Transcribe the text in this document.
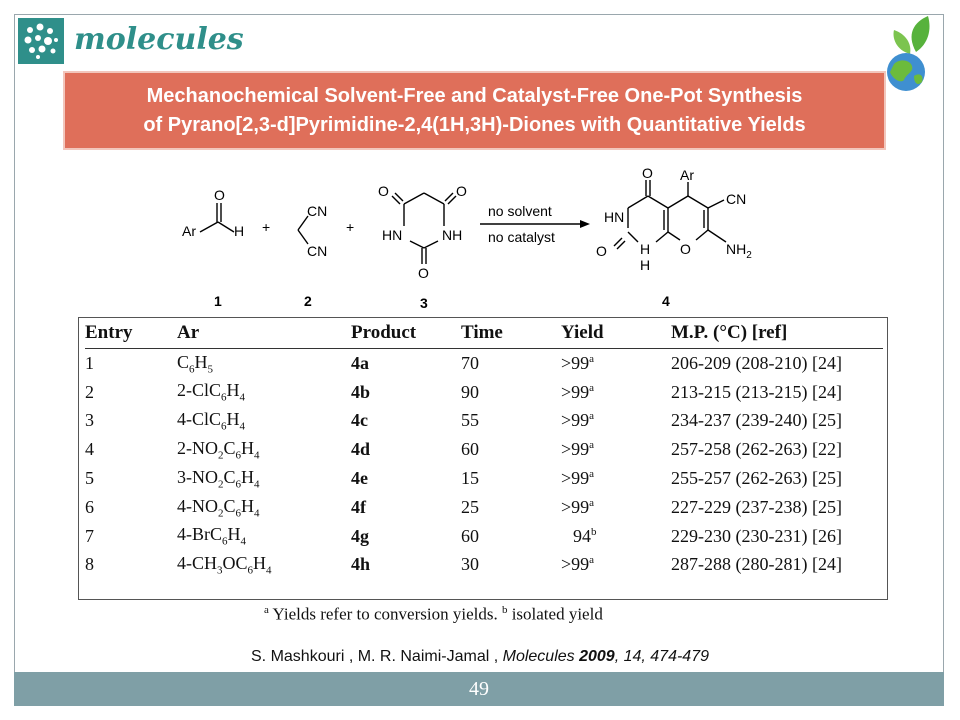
molecules
Mechanochemical Solvent-Free and Catalyst-Free One-Pot Synthesis
of Pyrano[2,3-d]Pyrimidine-2,4(1H,3H)-Diones with Quantitative Yields
Ar	H
O
+
CN
CN
+
O	O
HN	NH
O
no solvent
no catalyst
O Ar
CN
HN
O H
H
O	$NH_2$
1	2	3	4
Entry	Ar	Product	Time	Yield	M.P. (°C) [ref]
1	$C_6H_5$	4a	70	$>99^a$	206-209 (208-210) [24]
2	$2-ClC_6H_4$	4b	90	$>99^a$	213-215 (213-215) [24]
3	$4-ClC_6H_4$	4c	55	$>99^a$	234-237 (239-240) [25]
4	$2-NO_2C_6H_4$	4d	60	$>99^a$	257-258 (262-263) [22]
5	$3-NO_2C_6H_4$	4e	15	$>99^a$	255-257 (262-263) [25]
6	$4-NO_2C_6H_4$	4f	25	$>99^a$	227-229 (237-238) [25]
7	$4-BrC_6H_4$	4g	60	94$^b$	229-230 (230-231) [26]
8	$4-CH_3OC_6H_4$	4h	30	$>99^a$	287-288 (280-281) [24]
$^a$ Yields refer to conversion yields. $^b$ isolated yield
S. Mashkouri , M. R. Naimi-Jamal , Molecules 2009, 14, 474-479
49
